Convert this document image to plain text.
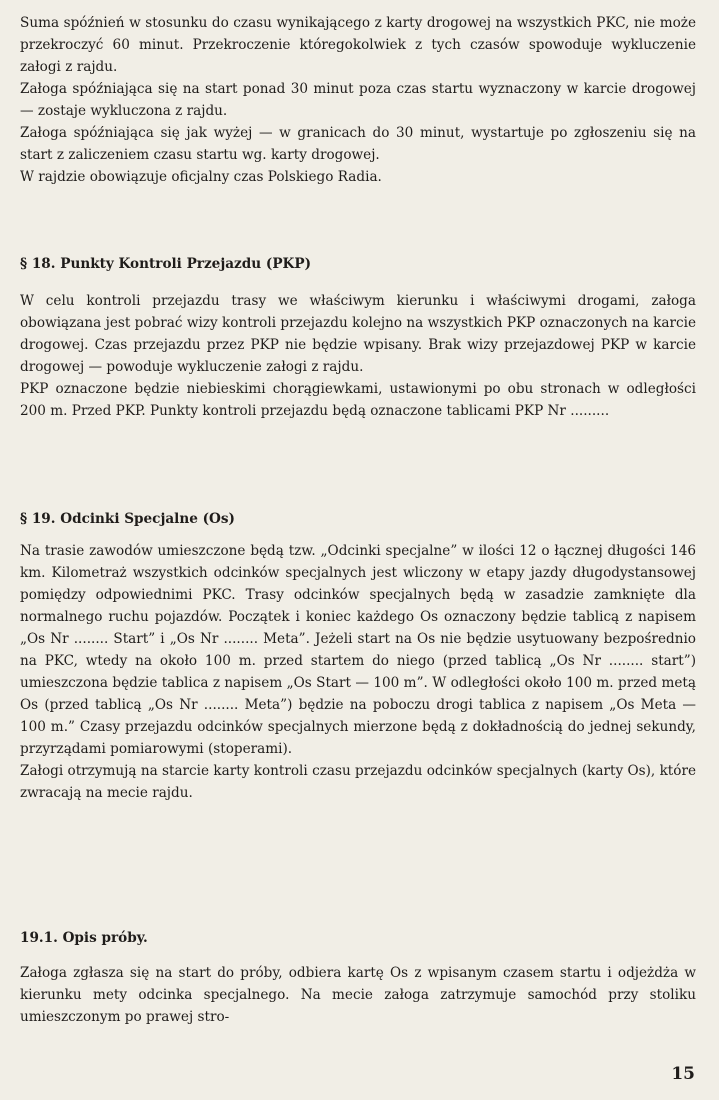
Suma spóźnień w stosunku do czasu wynikającego z karty drogowej na wszystkich PKC, nie może przekroczyć 60 minut. Przekroczenie któregokolwiek z tych czasów spowoduje wykluczenie załogi z rajdu.

Załoga spóźniająca się na start ponad 30 minut poza czas startu wyznaczony w karcie drogowej — zostaje wykluczona z rajdu.

Załoga spóźniająca się jak wyżej — w granicach do 30 minut, wystartuje po zgłoszeniu się na start z zaliczeniem czasu startu wg. karty drogowej.

W rajdzie obowiązuje oficjalny czas Polskiego Radia.

§ 18. Punkty Kontroli Przejazdu (PKP)

W celu kontroli przejazdu trasy we właściwym kierunku i właściwymi drogami, załoga obowiązana jest pobrać wizy kontroli przejazdu kolejno na wszystkich PKP oznaczonych na karcie drogowej. Czas przejazdu przez PKP nie będzie wpisany. Brak wizy przejazdowej PKP w karcie drogowej — powoduje wykluczenie załogi z rajdu.

PKP oznaczone będzie niebieskimi chorągiewkami, ustawionymi po obu stronach w odległości 200 m. Przed PKP. Punkty kontroli przejazdu będą oznaczone tablicami PKP Nr .........

§ 19. Odcinki Specjalne (Os)

Na trasie zawodów umieszczone będą tzw. „Odcinki specjalne” w ilości 12 o łącznej długości 146 km. Kilometraż wszystkich odcinków specjalnych jest wliczony w etapy jazdy długodystansowej pomiędzy odpowiednimi PKC. Trasy odcinków specjalnych będą w zasadzie zamknięte dla normalnego ruchu pojazdów. Początek i koniec każdego Os oznaczony będzie tablicą z napisem „Os Nr ........ Start” i „Os Nr ........ Meta”. Jeżeli start na Os nie będzie usytuowany bezpośrednio na PKC, wtedy na około 100 m. przed startem do niego (przed tablicą „Os Nr ........ start”) umieszczona będzie tablica z napisem „Os Start — 100 m”. W odległości około 100 m. przed metą Os (przed tablicą „Os Nr ........ Meta”) będzie na poboczu drogi tablica z napisem „Os Meta — 100 m.” Czasy przejazdu odcinków specjalnych mierzone będą z dokładnością do jednej sekundy, przyrządami pomiarowymi (stoperami).

Załogi otrzymują na starcie karty kontroli czasu przejazdu odcinków specjalnych (karty Os), które zwracają na mecie rajdu.

19.1. Opis próby.

Załoga zgłasza się na start do próby, odbiera kartę Os z wpisanym czasem startu i odjeżdża w kierunku mety odcinka specjalnego. Na mecie załoga zatrzymuje samochód przy stoliku umieszczonym po prawej stro-

15
